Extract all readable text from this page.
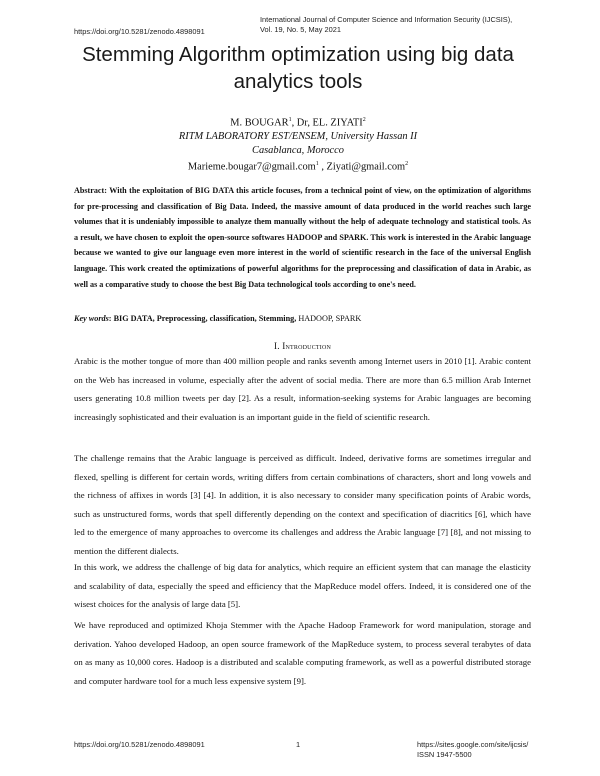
https://doi.org/10.5281/zenodo.4898091
International Journal of Computer Science and Information Security (IJCSIS),
Vol. 19, No. 5, May 2021
Stemming Algorithm optimization using big data analytics tools
M. BOUGAR$^1$, Dr, EL. ZIYATI$^2$
RITM LABORATORY EST/ENSEM, University Hassan II
Casablanca, Morocco
Marieme.bougar7@gmail.com$^1$ , Ziyati@gmail.com$^2$

Abstract: With the exploitation of BIG DATA this article focuses, from a technical point of view, on the optimization of algorithms for pre-processing and classification of Big Data. Indeed, the massive amount of data produced in the world reaches such large volumes that it is undeniably impossible to analyze them manually without the help of adequate technology and statistical tools. As a result, we have chosen to exploit the open-source softwares HADOOP and SPARK. This work is interested in the Arabic language because we wanted to give our language even more interest in the world of scientific research in the face of the universal English language. This work created the optimizations of powerful algorithms for the preprocessing and classification of data in Arabic, as well as a comparative study to choose the best Big Data technological tools according to one's need.

Key words: BIG DATA, Preprocessing, classification, Stemming, HADOOP, SPARK

I. Introduction

Arabic is the mother tongue of more than 400 million people and ranks seventh among Internet users in 2010 [1]. Arabic content on the Web has increased in volume, especially after the advent of social media. There are more than 6.5 million Arab Internet users generating 10.8 million tweets per day [2]. As a result, information-seeking systems for Arabic languages are becoming increasingly sophisticated and their evaluation is an important guide in the field of scientific research.

The challenge remains that the Arabic language is perceived as difficult. Indeed, derivative forms are sometimes irregular and flexed, spelling is different for certain words, writing differs from certain combinations of characters, short and long vowels and the richness of affixes in words [3] [4]. In addition, it is also necessary to consider many specification points of Arabic words, such as unstructured forms, words that spell differently depending on the context and specification of diacritics [6], which have led to the emergence of many approaches to overcome its challenges and address the Arabic language [7] [8], and not missing to mention the different dialects.

In this work, we address the challenge of big data for analytics, which require an efficient system that can manage the elasticity and scalability of data, especially the speed and efficiency that the MapReduce model offers. Indeed, it is considered one of the wisest choices for the analysis of large data [5].

We have reproduced and optimized Khoja Stemmer with the Apache Hadoop Framework for word manipulation, storage and derivation. Yahoo developed Hadoop, an open source framework of the MapReduce system, to process several terabytes of data on as many as 10,000 cores. Hadoop is a distributed and scalable computing framework, as well as a powerful distributed storage and computer hardware tool for a much less expensive system [9].

https://doi.org/10.5281/zenodo.4898091	1	https://sites.google.com/site/ijcsis/
ISSN 1947-5500
